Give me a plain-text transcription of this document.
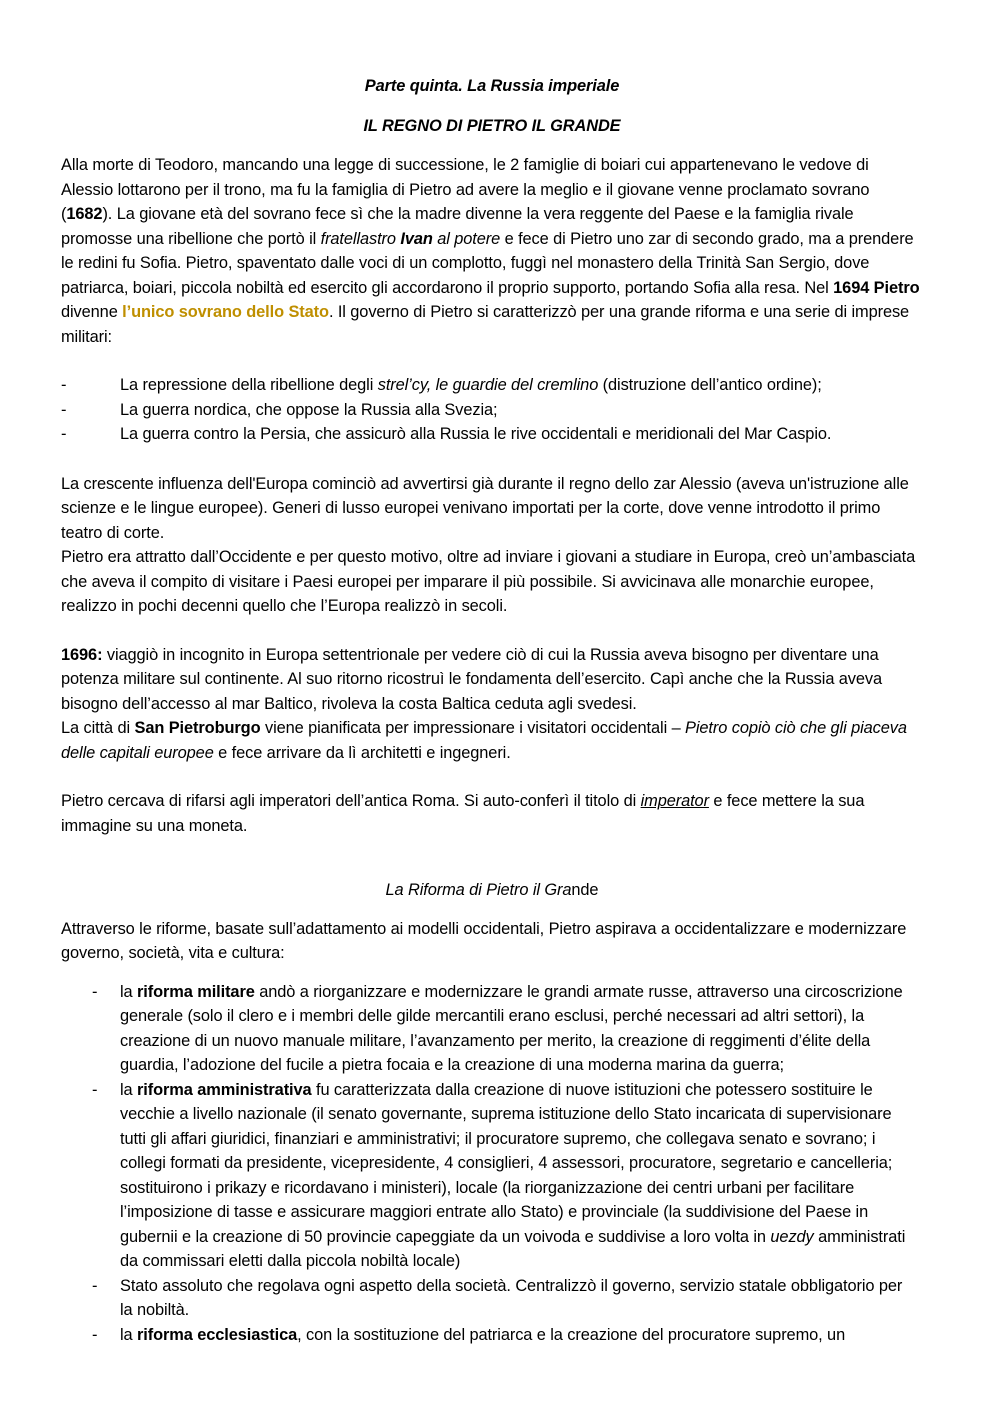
Parte quinta. La Russia imperiale

IL REGNO DI PIETRO IL GRANDE

Alla morte di Teodoro, mancando una legge di successione, le 2 famiglie di boiari cui appartenevano le vedove di Alessio lottarono per il trono, ma fu la famiglia di Pietro ad avere la meglio e il giovane venne proclamato sovrano (1682). La giovane età del sovrano fece sì che la madre divenne la vera reggente del Paese e la famiglia rivale promosse una ribellione che portò il fratellastro Ivan al potere e fece di Pietro uno zar di secondo grado, ma a prendere le redini fu Sofia. Pietro, spaventato dalle voci di un complotto, fuggì nel monastero della Trinità San Sergio, dove patriarca, boiari, piccola nobiltà ed esercito gli accordarono il proprio supporto, portando Sofia alla resa. Nel 1694 Pietro divenne l’unico sovrano dello Stato. Il governo di Pietro si caratterizzò per una grande riforma e una serie di imprese militari:

-	La repressione della ribellione degli strel’cy, le guardie del cremlino (distruzione dell’antico ordine);
-	La guerra nordica, che oppose la Russia alla Svezia;
-	La guerra contro la Persia, che assicurò alla Russia le rive occidentali e meridionali del Mar Caspio.

La crescente influenza dell'Europa cominciò ad avvertirsi già durante il regno dello zar Alessio (aveva un'istruzione alle scienze e le lingue europee). Generi di lusso europei venivano importati per la corte, dove venne introdotto il primo teatro di corte.

Pietro era attratto dall’Occidente e per questo motivo, oltre ad inviare i giovani a studiare in Europa, creò un’ambasciata che aveva il compito di visitare i Paesi europei per imparare il più possibile. Si avvicinava alle monarchie europee, realizzo in pochi decenni quello che l’Europa realizzò in secoli.

1696: viaggiò in incognito in Europa settentrionale per vedere ciò di cui la Russia aveva bisogno per diventare una potenza militare sul continente. Al suo ritorno ricostruì le fondamenta dell’esercito. Capì anche che la Russia aveva bisogno dell’accesso al mar Baltico, rivoleva la costa Baltica ceduta agli svedesi.

La città di San Pietroburgo viene pianificata per impressionare i visitatori occidentali – Pietro copiò ciò che gli piaceva delle capitali europee e fece arrivare da lì architetti e ingegneri.

Pietro cercava di rifarsi agli imperatori dell’antica Roma. Si auto-conferì il titolo di imperator e fece mettere la sua immagine su una moneta.

La Riforma di Pietro il Grande

Attraverso le riforme, basate sull’adattamento ai modelli occidentali, Pietro aspirava a occidentalizzare e modernizzare governo, società, vita e cultura:

- la riforma militare andò a riorganizzare e modernizzare le grandi armate russe, attraverso una circoscrizione generale (solo il clero e i membri delle gilde mercantili erano esclusi, perché necessari ad altri settori), la creazione di un nuovo manuale militare, l’avanzamento per merito, la creazione di reggimenti d’élite della guardia, l’adozione del fucile a pietra focaia e la creazione di una moderna marina da guerra;
- la riforma amministrativa fu caratterizzata dalla creazione di nuove istituzioni che potessero sostituire le vecchie a livello nazionale (il senato governante, suprema istituzione dello Stato incaricata di supervisionare tutti gli affari giuridici, finanziari e amministrativi; il procuratore supremo, che collegava senato e sovrano; i collegi formati da presidente, vicepresidente, 4 consiglieri, 4 assessori, procuratore, segretario e cancelleria; sostituirono i prikazy e ricordavano i ministeri), locale (la riorganizzazione dei centri urbani per facilitare l’imposizione di tasse e assicurare maggiori entrate allo Stato) e provinciale (la suddivisione del Paese in gubernii e la creazione di 50 provincie capeggiate da un voivoda e suddivise a loro volta in uezdy amministrati da commissari eletti dalla piccola nobiltà locale)
- Stato assoluto che regolava ogni aspetto della società. Centralizzò il governo, servizio statale obbligatorio per la nobiltà.
- la riforma ecclesiastica, con la sostituzione del patriarca e la creazione del procuratore supremo, un
